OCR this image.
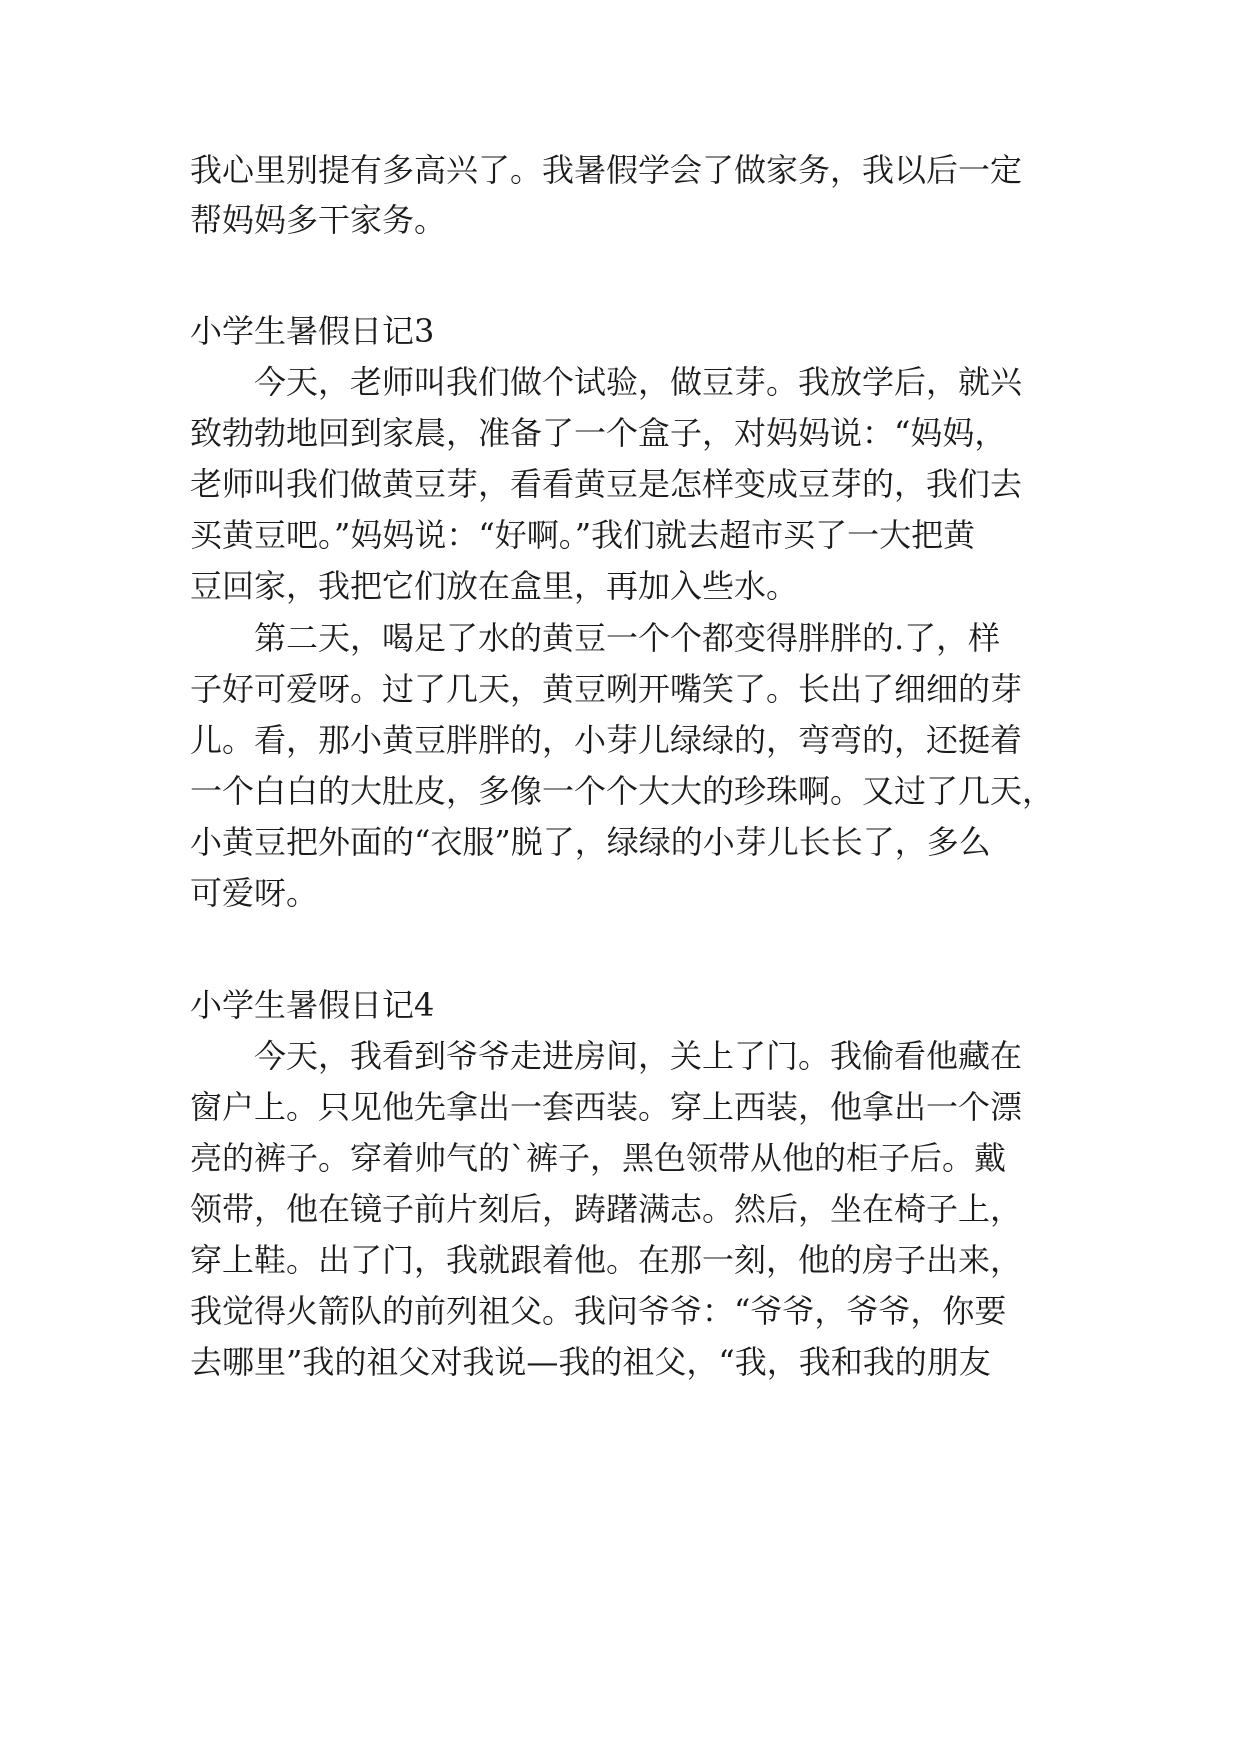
我心里别提有多高兴了。我暑假学会了做家务，我以后一定

帮妈妈多干家务。

小学生暑假日记3

今天，老师叫我们做个试验，做豆芽。我放学后，就兴

致勃勃地回到家晨，准备了一个盒子，对妈妈说：“妈妈，

老师叫我们做黄豆芽，看看黄豆是怎样变成豆芽的，我们去

买黄豆吧。”妈妈说：“好啊。”我们就去超市买了一大把黄

豆回家，我把它们放在盒里，再加入些水。

第二天，喝足了水的黄豆一个个都变得胖胖的.了，样

子好可爱呀。过了几天，黄豆咧开嘴笑了。长出了细细的芽

儿。看，那小黄豆胖胖的，小芽儿绿绿的，弯弯的，还挺着

一个白白的大肚皮，多像一个个大大的珍珠啊。又过了几天，

小黄豆把外面的“衣服”脱了，绿绿的小芽儿长长了，多么

可爱呀。

小学生暑假日记4

今天，我看到爷爷走进房间，关上了门。我偷看他藏在

窗户上。只见他先拿出一套西装。穿上西装，他拿出一个漂

亮的裤子。穿着帅气的`裤子，黑色领带从他的柜子后。戴

领带，他在镜子前片刻后，踌躇满志。然后，坐在椅子上，

穿上鞋。出了门，我就跟着他。在那一刻，他的房子出来，

我觉得火箭队的前列祖父。我问爷爷：“爷爷，爷爷，你要

去哪里”我的祖父对我说—我的祖父，“我，我和我的朋友
